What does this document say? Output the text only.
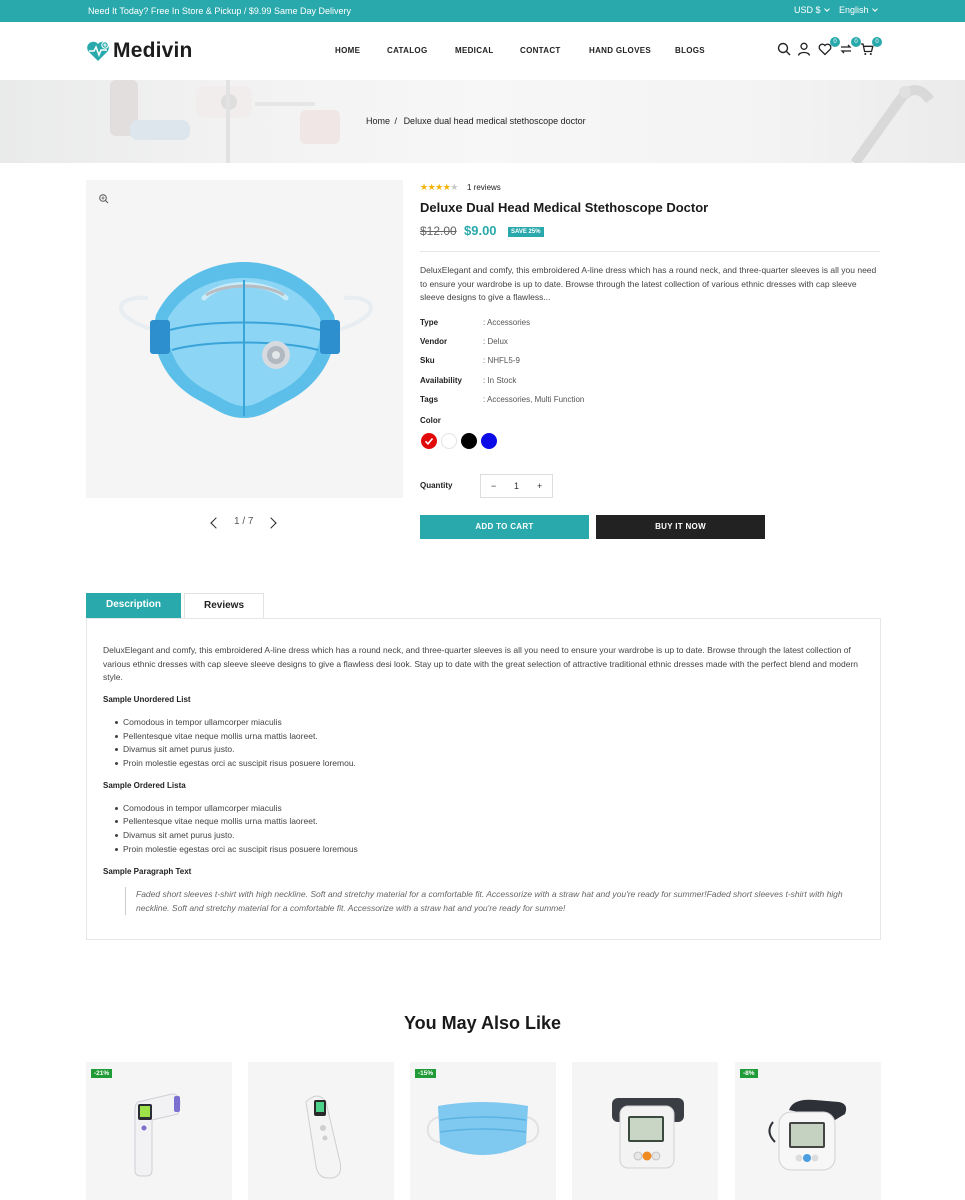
Need It Today? Free In Store & Pickup / $9.99 Same Day Delivery	USD $	English
Medivin	HOME	CATALOG	MEDICAL	CONTACT	HAND GLOVES	BLOGS
0	0	0
Home / Deluxe dual head medical stethoscope doctor
1 / 7
★★★★★ 1 reviews
Deluxe Dual Head Medical Stethoscope Doctor
$12.00 $9.00	SAVE 25%

DeluxElegant and comfy, this embroidered A-line dress which has a round neck, and three-quarter sleeves is all you need to ensure your wardrobe is up to date. Browse through the latest collection of various ethnic dresses with cap sleeve sleeve designs to give a flawless...

Type	: Accessories
Vendor	: Delux
Sku	: NHFL5-9
Availability	: In Stock
Tags	: Accessories, Multi Function
Color
Quantity	− 1 +
ADD TO CART	BUY IT NOW
Description	Reviews

DeluxElegant and comfy, this embroidered A-line dress which has a round neck, and three-quarter sleeves is all you need to ensure your wardrobe is up to date. Browse through the latest collection of various ethnic dresses with cap sleeve sleeve designs to give a flawless desi look. Stay up to date with the great selection of attractive traditional ethnic dresses made with the perfect blend and modern style.

Sample Unordered List
Comodous in tempor ullamcorper miaculis
Pellentesque vitae neque mollis urna mattis laoreet.
Divamus sit amet purus justo.
Proin molestie egestas orci ac suscipit risus posuere loremou.
Sample Ordered Lista
Comodous in tempor ullamcorper miaculis
Pellentesque vitae neque mollis urna mattis laoreet.
Divamus sit amet purus justo.
Proin molestie egestas orci ac suscipit risus posuere loremous
Sample Paragraph Text
Faded short sleeves t-shirt with high neckline. Soft and stretchy material for a comfortable fit. Accessorize with a straw hat and you're ready for summer!Faded short sleeves t-shirt with high neckline. Soft and stretchy material for a comfortable fit. Accessorize with a straw hat and you're ready for summe!
You May Also Like
-21%	-15%	-8%
